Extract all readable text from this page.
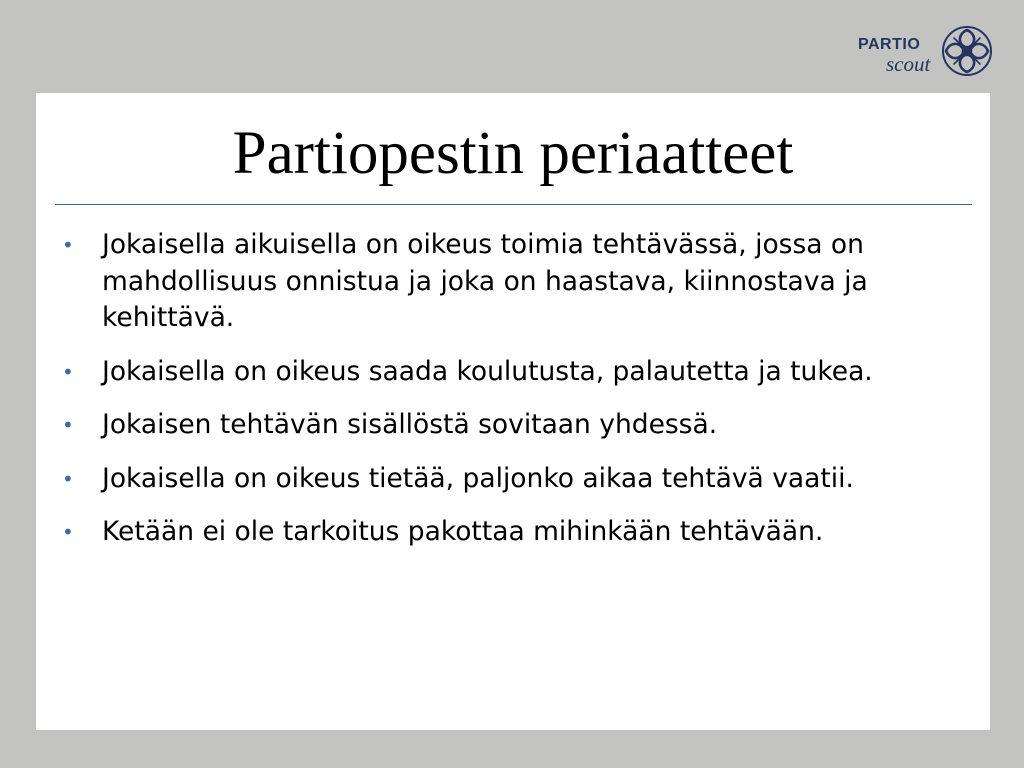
PARTIO
scout
Partiopestin periaatteet
• Jokaisella aikuisella on oikeus toimia tehtävässä, jossa on mahdollisuus onnistua ja joka on haastava, kiinnostava ja kehittävä.
• Jokaisella on oikeus saada koulutusta, palautetta ja tukea.
• Jokaisen tehtävän sisällöstä sovitaan yhdessä.
• Jokaisella on oikeus tietää, paljonko aikaa tehtävä vaatii.
• Ketään ei ole tarkoitus pakottaa mihinkään tehtävään.
